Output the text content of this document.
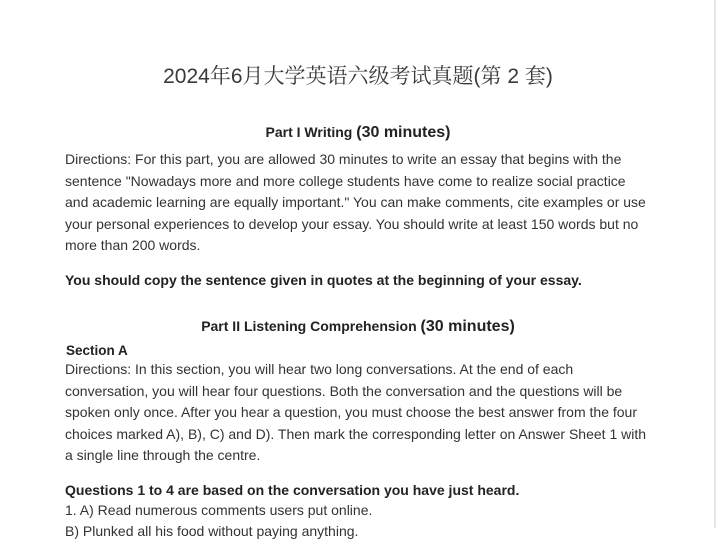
2024年6月大学英语六级考试真题(第 2 套)
Part I Writing (30 minutes)
Directions: For this part, you are allowed 30 minutes to write an essay that begins with the sentence "Nowadays more and more college students have come to realize social practice and academic learning are equally important." You can make comments, cite examples or use your personal experiences to develop your essay. You should write at least 150 words but no more than 200 words.
You should copy the sentence given in quotes at the beginning of your essay.
Part II Listening Comprehension (30 minutes)
Section A
Directions: In this section, you will hear two long conversations. At the end of each conversation, you will hear four questions. Both the conversation and the questions will be spoken only once. After you hear a question, you must choose the best answer from the four choices marked A), B), C) and D). Then mark the corresponding letter on Answer Sheet 1 with a single line through the centre.
Questions 1 to 4 are based on the conversation you have just heard.
1. A) Read numerous comments users put online.
B) Plunked all his food without paying anything.
